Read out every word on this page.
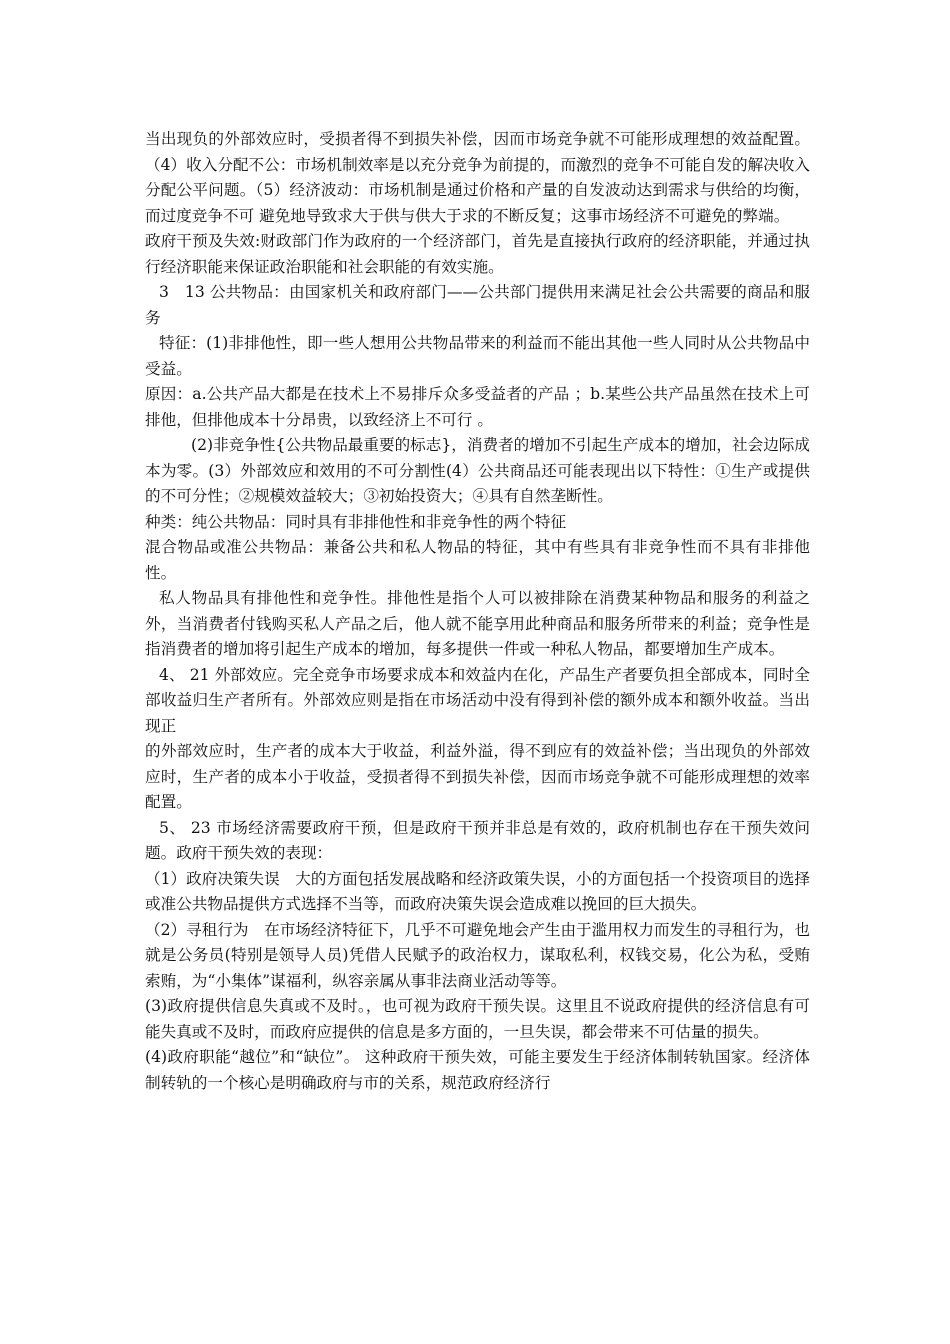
当出现负的外部效应时，受损者得不到损失补偿，因而市场竞争就不可能形成理想的效益配置。（4）收入分配不公：市场机制效率是以充分竞争为前提的，而激烈的竞争不可能自发的解决收入分配公平问题。（5）经济波动：市场机制是通过价格和产量的自发波动达到需求与供给的均衡，而过度竞争不可 避免地导致求大于供与供大于求的不断反复；这事市场经济不可避免的弊端。

政府干预及失效:财政部门作为政府的一个经济部门，首先是直接执行政府的经济职能，并通过执行经济职能来保证政治职能和社会职能的有效实施。

3　13 公共物品：由国家机关和政府部门——公共部门提供用来满足社会公共需要的商品和服务

特征：(1)非排他性，即一些人想用公共物品带来的利益而不能出其他一些人同时从公共物品中受益。

原因：a.公共产品大都是在技术上不易排斥众多受益者的产品 ；b.某些公共产品虽然在技术上可排他，但排他成本十分昂贵，以致经济上不可行 。

(2)非竞争性{公共物品最重要的标志}，消费者的增加不引起生产成本的增加，社会边际成本为零。(3）外部效应和效用的不可分割性(4）公共商品还可能表现出以下特性：①生产或提供的不可分性；②规模效益较大；③初始投资大；④具有自然垄断性。

种类：纯公共物品：同时具有非排他性和非竞争性的两个特征

混合物品或准公共物品：兼备公共和私人物品的特征，其中有些具有非竞争性而不具有非排他性。

私人物品具有排他性和竞争性。排他性是指个人可以被排除在消费某种物品和服务的利益之外，当消费者付钱购买私人产品之后，他人就不能享用此种商品和服务所带来的利益；竞争性是指消费者的增加将引起生产成本的增加，每多提供一件或一种私人物品，都要增加生产成本。

4、 21 外部效应。完全竞争市场要求成本和效益内在化，产品生产者要负担全部成本，同时全部收益归生产者所有。外部效应则是指在市场活动中没有得到补偿的额外成本和额外收益。当出现正

的外部效应时，生产者的成本大于收益，利益外溢，得不到应有的效益补偿；当出现负的外部效应时，生产者的成本小于收益，受损者得不到损失补偿，因而市场竞争就不可能形成理想的效率配置。

5、 23 市场经济需要政府干预，但是政府干预并非总是有效的，政府机制也存在干预失效问题。政府干预失效的表现：

（1）政府决策失误　大的方面包括发展战略和经济政策失误，小的方面包括一个投资项目的选择或准公共物品提供方式选择不当等，而政府决策失误会造成难以挽回的巨大损失。

（2）寻租行为　在市场经济特征下，几乎不可避免地会产生由于滥用权力而发生的寻租行为，也就是公务员(特别是领导人员)凭借人民赋予的政治权力，谋取私利，权钱交易，化公为私，受贿索贿，为“小集体”谋福利，纵容亲属从事非法商业活动等等。

(3)政府提供信息失真或不及时。，也可视为政府干预失误。这里且不说政府提供的经济信息有可能失真或不及时，而政府应提供的信息是多方面的，一旦失误，都会带来不可估量的损失。

(4)政府职能“越位”和“缺位”。 这种政府干预失效，可能主要发生于经济体制转轨国家。经济体制转轨的一个核心是明确政府与市的关系，规范政府经济行
